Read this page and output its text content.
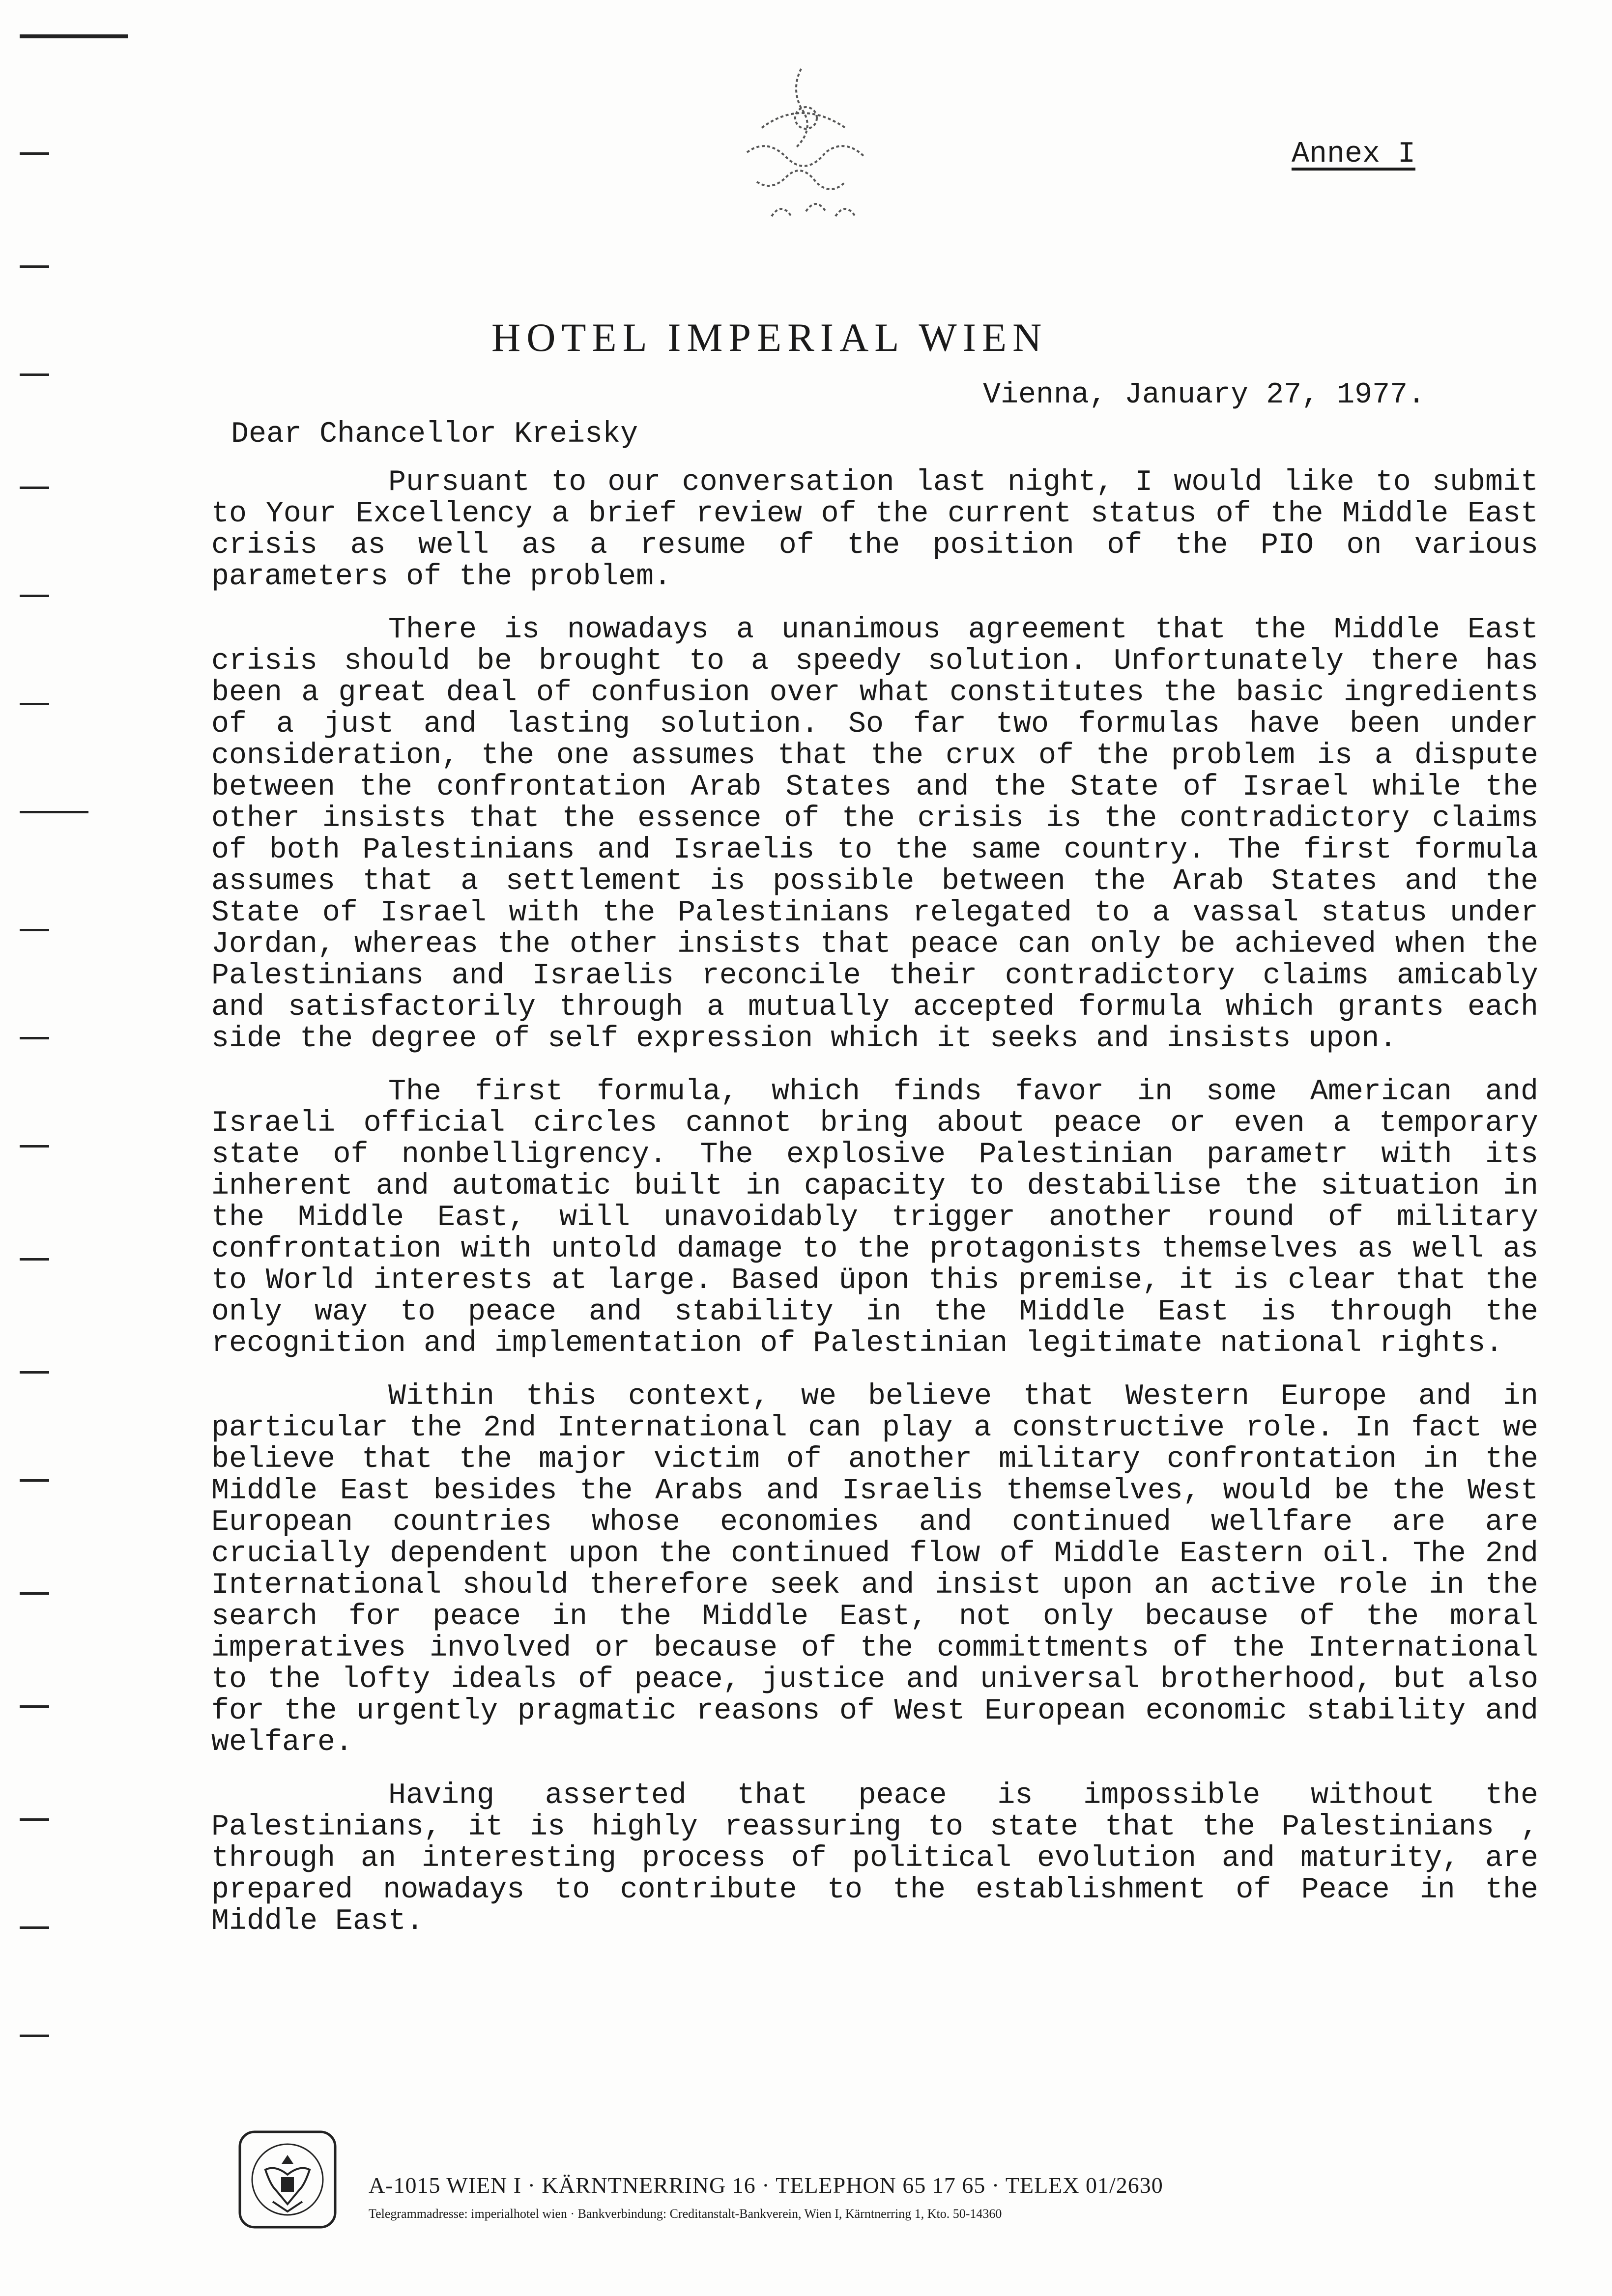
Annex I
HOTEL IMPERIAL WIEN
Vienna, January 27, 1977.
Dear Chancellor Kreisky

Pursuant to our conversation last night, I would like to submit to Your Excellency a brief review of the current status of the Middle East crisis as well as a resume of the position of the PIO on various parameters of the problem.

There is nowadays a unanimous agreement that the Middle East crisis should be brought to a speedy solution. Unfortunately there has been a great deal of confusion over what constitutes the basic ingredients of a just and lasting solution. So far two formulas have been under consideration, the one assumes that the crux of the problem is a dispute between the confrontation Arab States and the State of Israel while the other insists that the essence of the crisis is the contradictory claims of both Palestinians and Israelis to the same country. The first formula assumes that a settlement is possible between the Arab States and the State of Israel with the Palestinians relegated to a vassal status under Jordan, whereas the other insists that peace can only be achieved when the Palestinians and Israelis reconcile their contradictory claims amicably and satisfactorily through a mutually accepted formula which grants each side the degree of self expression which it seeks and insists upon.

The first formula, which finds favor in some American and Israeli official circles cannot bring about peace or even a temporary state of nonbelligrency. The explosive Palestinian parametr with its inherent and automatic built in capacity to destabilise the situation in the Middle East, will unavoidably trigger another round of military confrontation with untold damage to the protagonists themselves as well as to World interests at large. Based üpon this premise, it is clear that the only way to peace and stability in the Middle East is through the recognition and implementation of Palestinian legitimate national rights.

Within this context, we believe that Western Europe and in particular the 2nd International can play a constructive role. In fact we believe that the major victim of another military confrontation in the Middle East besides the Arabs and Israelis themselves, would be the West European countries whose economies and continued wellfare are are crucially dependent upon the continued flow of Middle Eastern oil. The 2nd International should therefore seek and insist upon an active role in the search for peace in the Middle East, not only because of the moral imperatives involved or because of the committments of the International to the lofty ideals of peace, justice and universal brotherhood, but also for the urgently pragmatic reasons of West European economic stability and welfare.

Having asserted that peace is impossible without the Palestinians, it is highly reassuring to state that the Palestinians , through an interesting process of political evolution and maturity, are prepared nowadays to contribute to the establishment of Peace in the Middle East.

A-1015 WIEN I · KÄRNTNERRING 16 · TELEPHON 65 17 65 · TELEX 01/2630
Telegrammadresse: imperialhotel wien · Bankverbindung: Creditanstalt-Bankverein, Wien I, Kärntnerring 1, Kto. 50-14360
